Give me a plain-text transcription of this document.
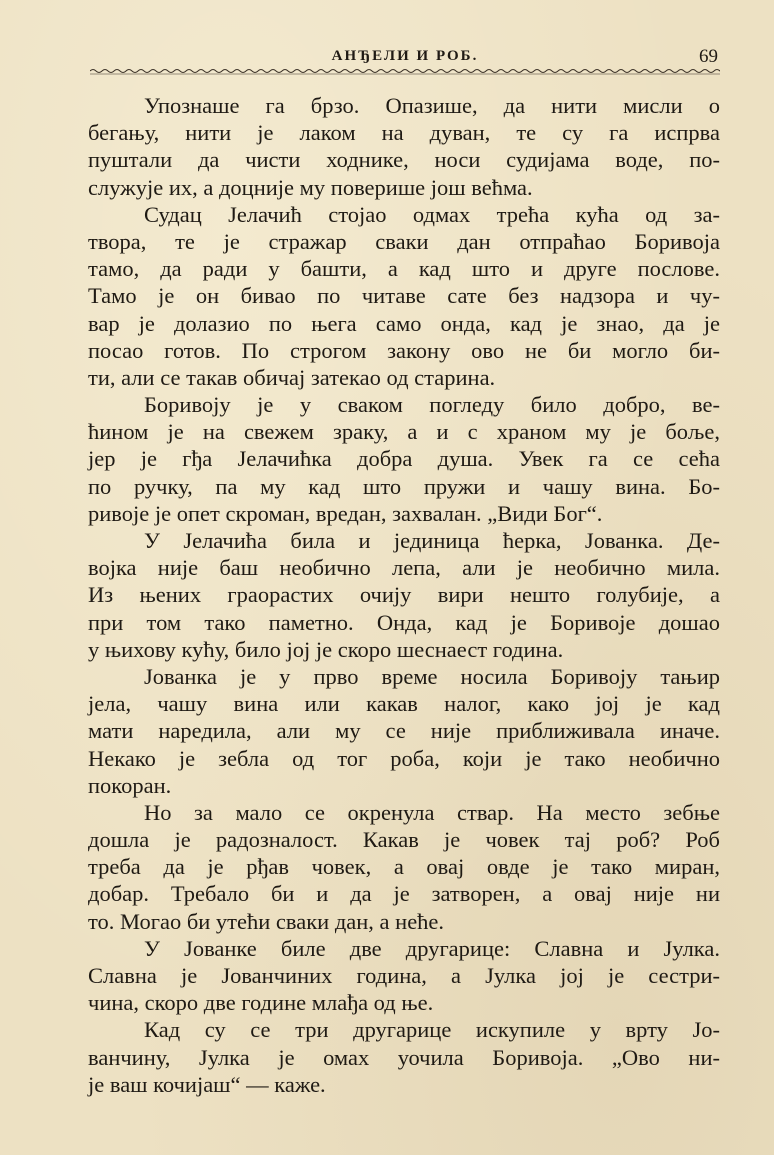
АНЂЕЛИ И РОБ.	69
Упознаше га брзо. Опазише, да нити мисли о
бегању, нити је лаком на дуван, те су га испрва
пуштали да чисти ходнике, носи судијама воде, по-
служује их, а доцније му поверише још већма.
Судац Јелачић стојао одмах трећа кућа од за-
твора, те је стражар сваки дан отпраћао Боривоја
тамо, да ради у башти, а кад што и друге послове.
Тамо је он бивао по читаве сате без надзора и чу-
вар је долазио по њега само онда, кад је знао, да је
посао готов. По строгом закону ово не би могло би-
ти, али се такав обичај затекао од старина.
Боривоју је у сваком погледу било добро, ве-
ћином је на свежем зраку, а и с храном му је боље,
јер је гђа Јелачићка добра душа. Увек га се сећа
по ручку, па му кад што пружи и чашу вина. Бо-
ривоје је опет скроман, вредан, захвалан. „Види Бог“.
У Јелачића била и јединица ћерка, Јованка. Де-
војка није баш необично лепа, али је необично мила.
Из њених граорастих очију вири нешто голубије, а
при том тако паметно. Онда, кад је Боривоје дошао
у њихову кућу, било јој је скоро шеснаест година.
Јованка је у прво време носила Боривоју тањир
јела, чашу вина или какав налог, како јој је кад
мати наредила, али му се није приближивала иначе.
Некако је зебла од тог роба, који је тако необично
покоран.
Но за мало се окренула ствар. На место зебње
дошла је радозналост. Какав је човек тај роб? Роб
треба да је рђав човек, а овај овде је тако миран,
добар. Требало би и да је затворен, а овај није ни
то. Могао би утећи сваки дан, а неће.
У Јованке биле две другарице: Славна и Јулка.
Славна је Јованчиних година, а Јулка јој је сестри-
чина, скоро две године млађа од ње.
Кад су се три другарице искупиле у врту Јо-
ванчину, Јулка је омах уочила Боривоја. „Ово ни-
је ваш кочијаш“ — каже.
